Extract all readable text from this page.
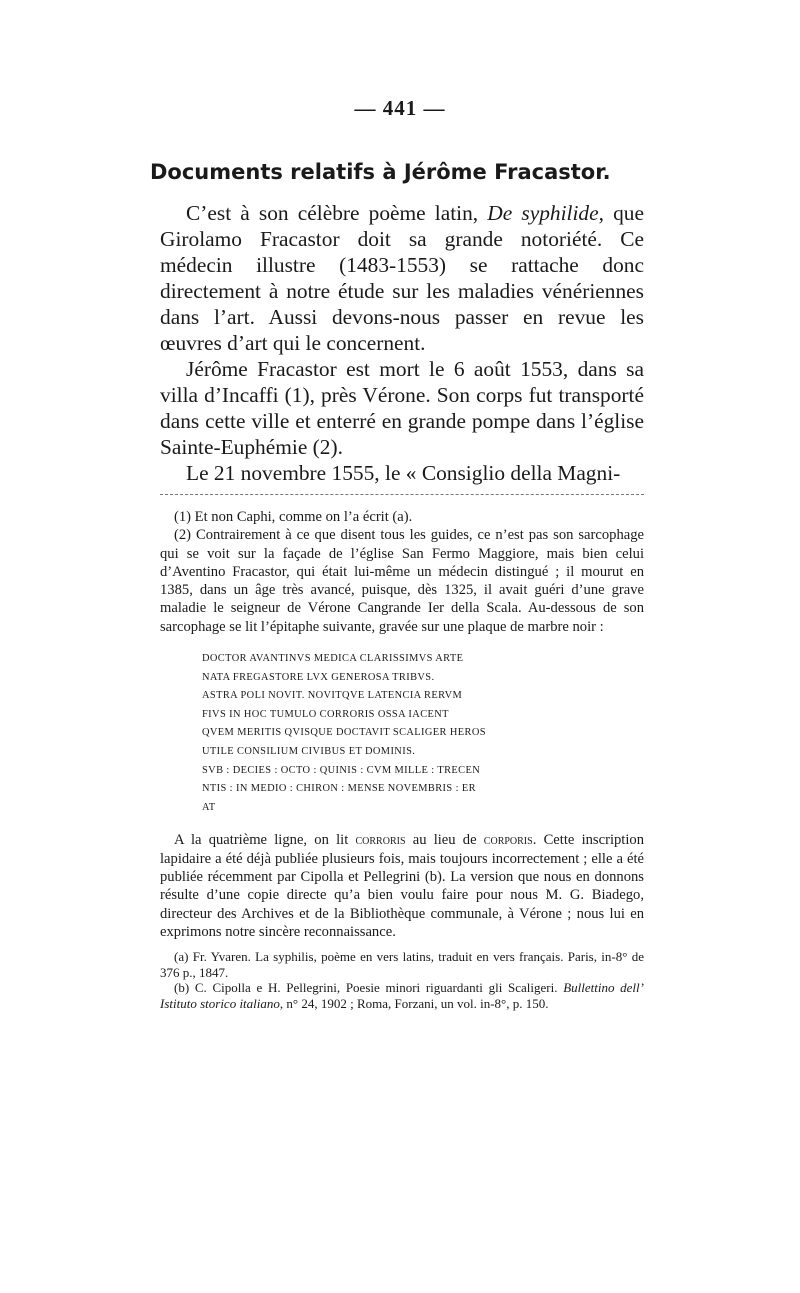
— 441 —
Documents relatifs à Jérôme Fracastor.

C’est à son célèbre poème latin, De syphilide, que Girolamo Fracastor doit sa grande notoriété. Ce médecin illustre (1483-1553) se rattache donc directement à notre étude sur les maladies vénériennes dans l’art. Aussi devons-nous passer en revue les œuvres d’art qui le concernent.

Jérôme Fracastor est mort le 6 août 1553, dans sa villa d’Incaffi (1), près Vérone. Son corps fut transporté dans cette ville et enterré en grande pompe dans l’église Sainte-Euphémie (2).

Le 21 novembre 1555, le « Consiglio della Magni-

(1) Et non Caphi, comme on l’a écrit (a).

(2) Contrairement à ce que disent tous les guides, ce n’est pas son sarcophage qui se voit sur la façade de l’église San Fermo Maggiore, mais bien celui d’Aventino Fracastor, qui était lui-même un médecin distingué ; il mourut en 1385, dans un âge très avancé, puisque, dès 1325, il avait guéri d’une grave maladie le seigneur de Vérone Cangrande Ier della Scala. Au-dessous de son sarcophage se lit l’épitaphe suivante, gravée sur une plaque de marbre noir :

DOCTOR AVANTINVS MEDICA CLARISSIMVS ARTE
NATA FREGASTORE LVX GENEROSA TRIBVS.
ASTRA POLI NOVIT. NOVITQVE LATENCIA RERVM
FIVS IN HOC TUMULO CORRORIS OSSA IACENT
QVEM MERITIS QVISQUE DOCTAVIT SCALIGER HEROS
UTILE CONSILIUM CIVIBUS ET DOMINIS.
SVB : DECIES : OCTO : QUINIS : CVM MILLE : TRECEN
NTIS : IN MEDIO : CHIRON : MENSE NOVEMBRIS : ER
AT

A la quatrième ligne, on lit corroris au lieu de corporis. Cette inscription lapidaire a été déjà publiée plusieurs fois, mais toujours incorrectement ; elle a été publiée récemment par Cipolla et Pellegrini (b). La version que nous en donnons résulte d’une copie directe qu’a bien voulu faire pour nous M. G. Biadego, directeur des Archives et de la Bibliothèque communale, à Vérone ; nous lui en exprimons notre sincère reconnaissance.

(a) Fr. Yvaren. La syphilis, poème en vers latins, traduit en vers français. Paris, in-8° de 376 p., 1847.

(b) C. Cipolla e H. Pellegrini, Poesie minori riguardanti gli Scaligeri. Bullettino dell’ Istituto storico italiano, n° 24, 1902 ; Roma, Forzani, un vol. in-8°, p. 150.
